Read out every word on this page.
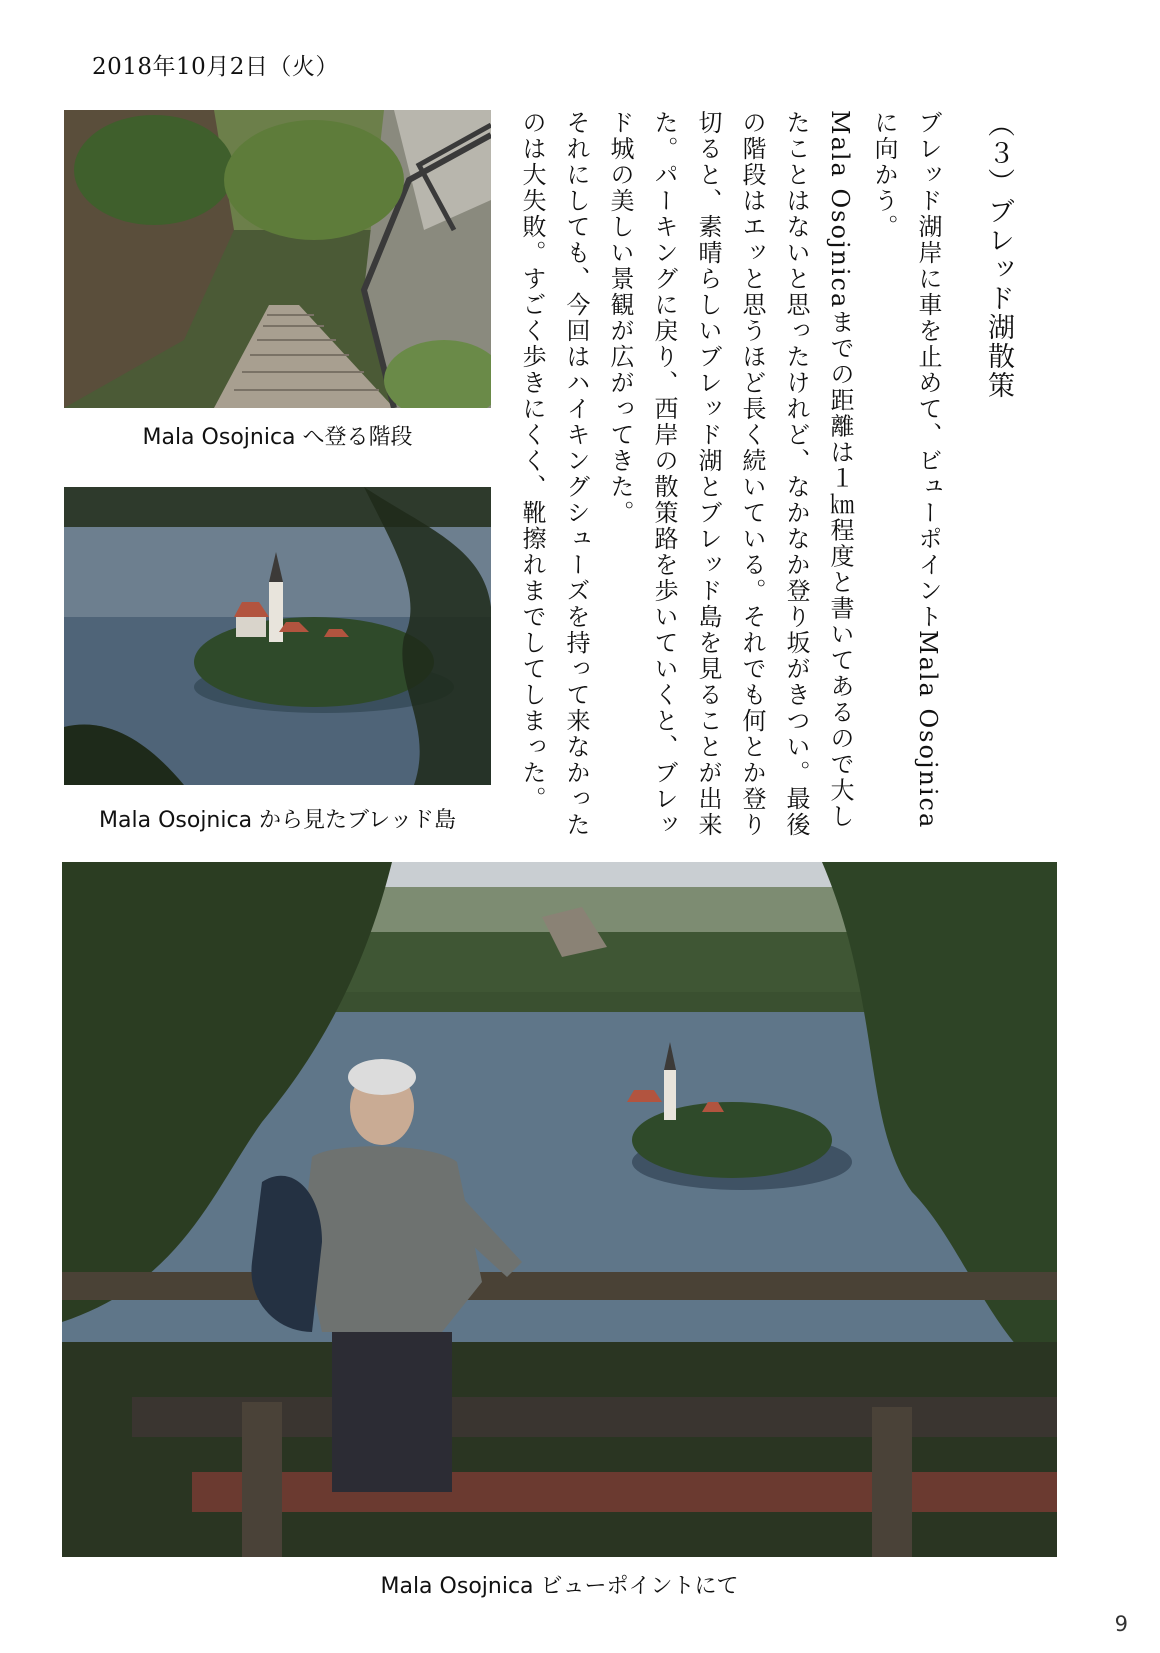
2018年10月2日（火）
Mala Osojnica へ登る階段
Mala Osojnica から見たブレッド島
Mala Osojnica ビューポイントにて
（３）ブレッド湖散策

ブレッド湖岸に車を止めて、ビューポイントMala Osojnicaに向かう。

Mala Osojnicaまでの距離は１㎞程度と書いてあるので大したことはないと思ったけれど、なかなか登り坂がきつい。最後の階段はエッと思うほど長く続いている。それでも何とか登り切ると、素晴らしいブレッド湖とブレッド島を見ることが出来た。パーキングに戻り、西岸の散策路を歩いていくと、ブレッド城の美しい景観が広がってきた。

それにしても、今回はハイキングシューズを持って来なかったのは大失敗。すごく歩きにくく、靴擦れまでしてしまった。

9
